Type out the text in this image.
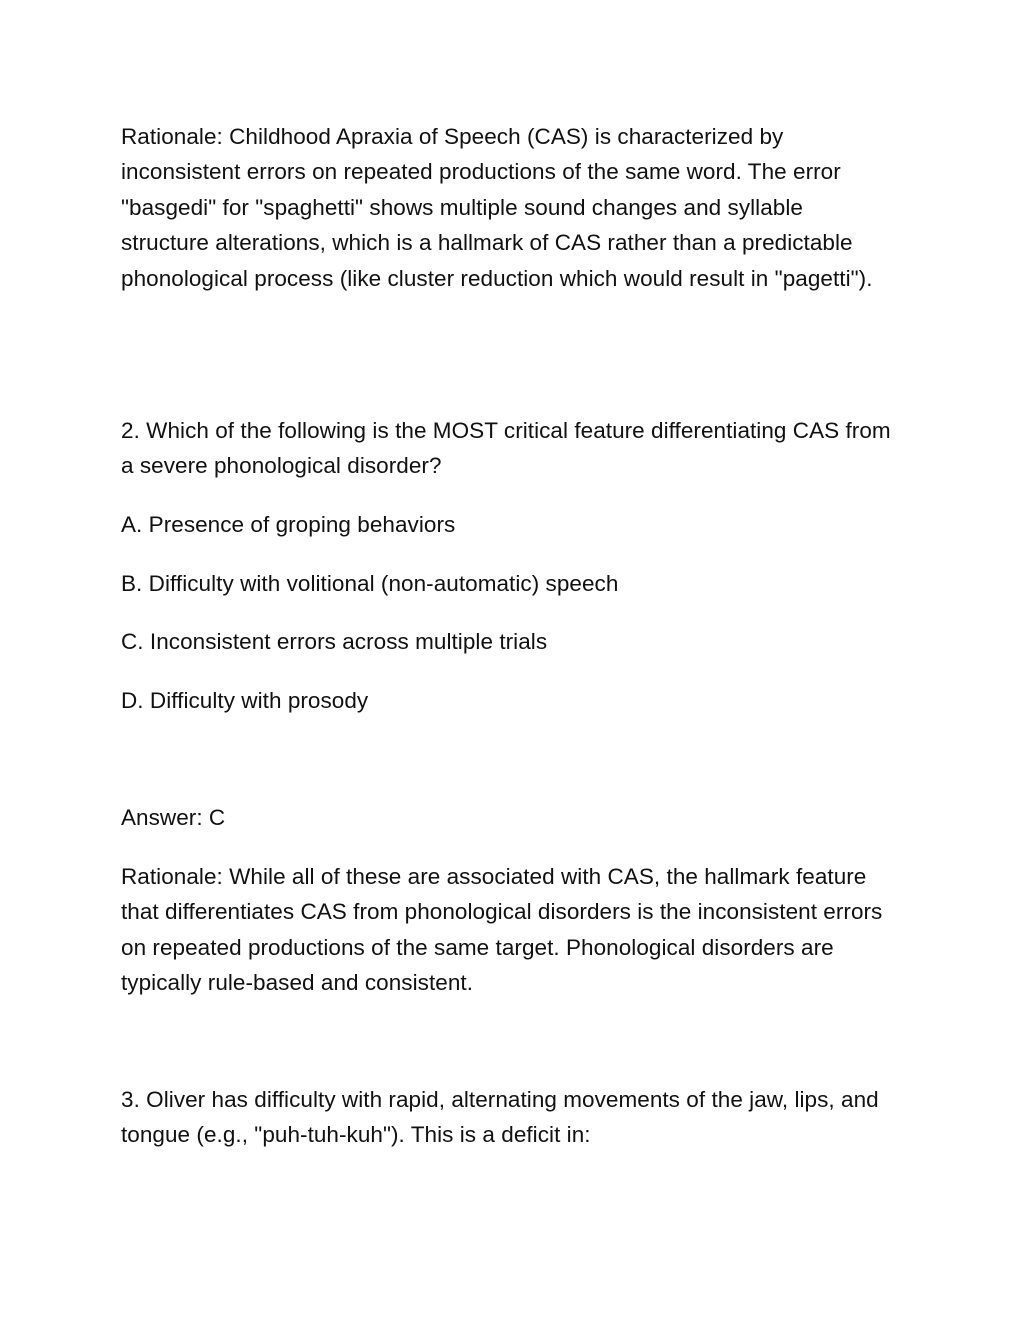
Rationale: Childhood Apraxia of Speech (CAS) is characterized by inconsistent errors on repeated productions of the same word. The error "basgedi" for "spaghetti" shows multiple sound changes and syllable structure alterations, which is a hallmark of CAS rather than a predictable phonological process (like cluster reduction which would result in "pagetti").

2. Which of the following is the MOST critical feature differentiating CAS from a severe phonological disorder?

A. Presence of groping behaviors

B. Difficulty with volitional (non-automatic) speech

C. Inconsistent errors across multiple trials

D. Difficulty with prosody

Answer: C

Rationale: While all of these are associated with CAS, the hallmark feature that differentiates CAS from phonological disorders is the inconsistent errors on repeated productions of the same target. Phonological disorders are typically rule-based and consistent.

3. Oliver has difficulty with rapid, alternating movements of the jaw, lips, and tongue (e.g., "puh-tuh-kuh"). This is a deficit in:
